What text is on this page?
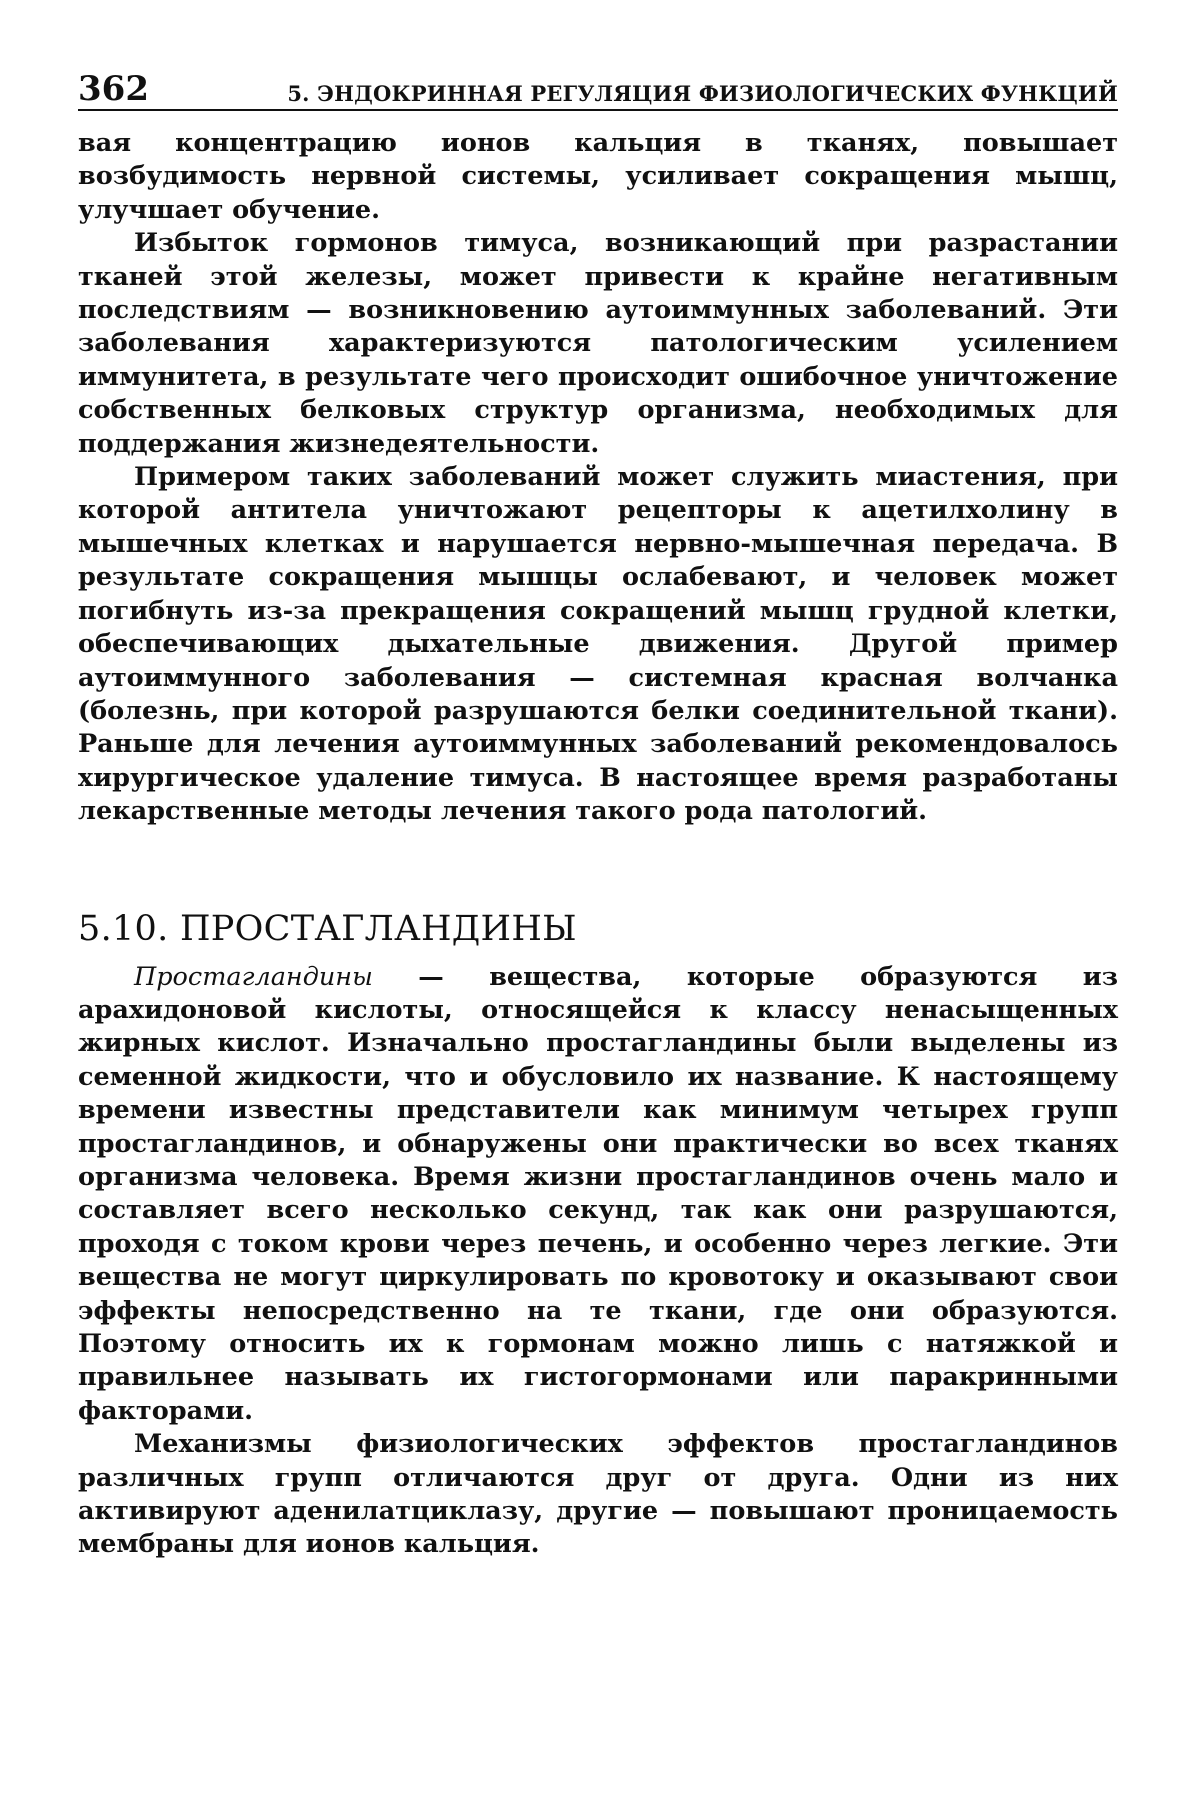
362	5. ЭНДОКРИННАЯ РЕГУЛЯЦИЯ ФИЗИОЛОГИЧЕСКИХ ФУНКЦИЙ

вая концентрацию ионов кальция в тканях, повышает возбудимость нервной системы, усиливает сокращения мышц, улучшает обучение.

Избыток гормонов тимуса, возникающий при разрастании тканей этой железы, может привести к крайне негативным последствиям — возникновению аутоиммунных заболеваний. Эти заболевания характеризуются патологическим усилением иммунитета, в результате чего происходит ошибочное уничтожение собственных белковых структур организма, необходимых для поддержания жизнедеятельности.

Примером таких заболеваний может служить миастения, при которой антитела уничтожают рецепторы к ацетилхолину в мышечных клетках и нарушается нервно-мышечная передача. В результате сокращения мышцы ослабевают, и человек может погибнуть из-за прекращения сокращений мышц грудной клетки, обеспечивающих дыхательные движения. Другой пример аутоиммунного заболевания — системная красная волчанка (болезнь, при которой разрушаются белки соединительной ткани). Раньше для лечения аутоиммунных заболеваний рекомендовалось хирургическое удаление тимуса. В настоящее время разработаны лекарственные методы лечения такого рода патологий.

5.10. ПРОСТАГЛАНДИНЫ

Простагландины — вещества, которые образуются из арахидоновой кислоты, относящейся к классу ненасыщенных жирных кислот. Изначально простагландины были выделены из семенной жидкости, что и обусловило их название. К настоящему времени известны представители как минимум четырех групп простагландинов, и обнаружены они практически во всех тканях организма человека. Время жизни простагландинов очень мало и составляет всего несколько секунд, так как они разрушаются, проходя с током крови через печень, и особенно через легкие. Эти вещества не могут циркулировать по кровотоку и оказывают свои эффекты непосредственно на те ткани, где они образуются. Поэтому относить их к гормонам можно лишь с натяжкой и правильнее называть их гистогормонами или паракринными факторами.

Механизмы физиологических эффектов простагландинов различных групп отличаются друг от друга. Одни из них активируют аденилатциклазу, другие — повышают проницаемость мембраны для ионов кальция.
